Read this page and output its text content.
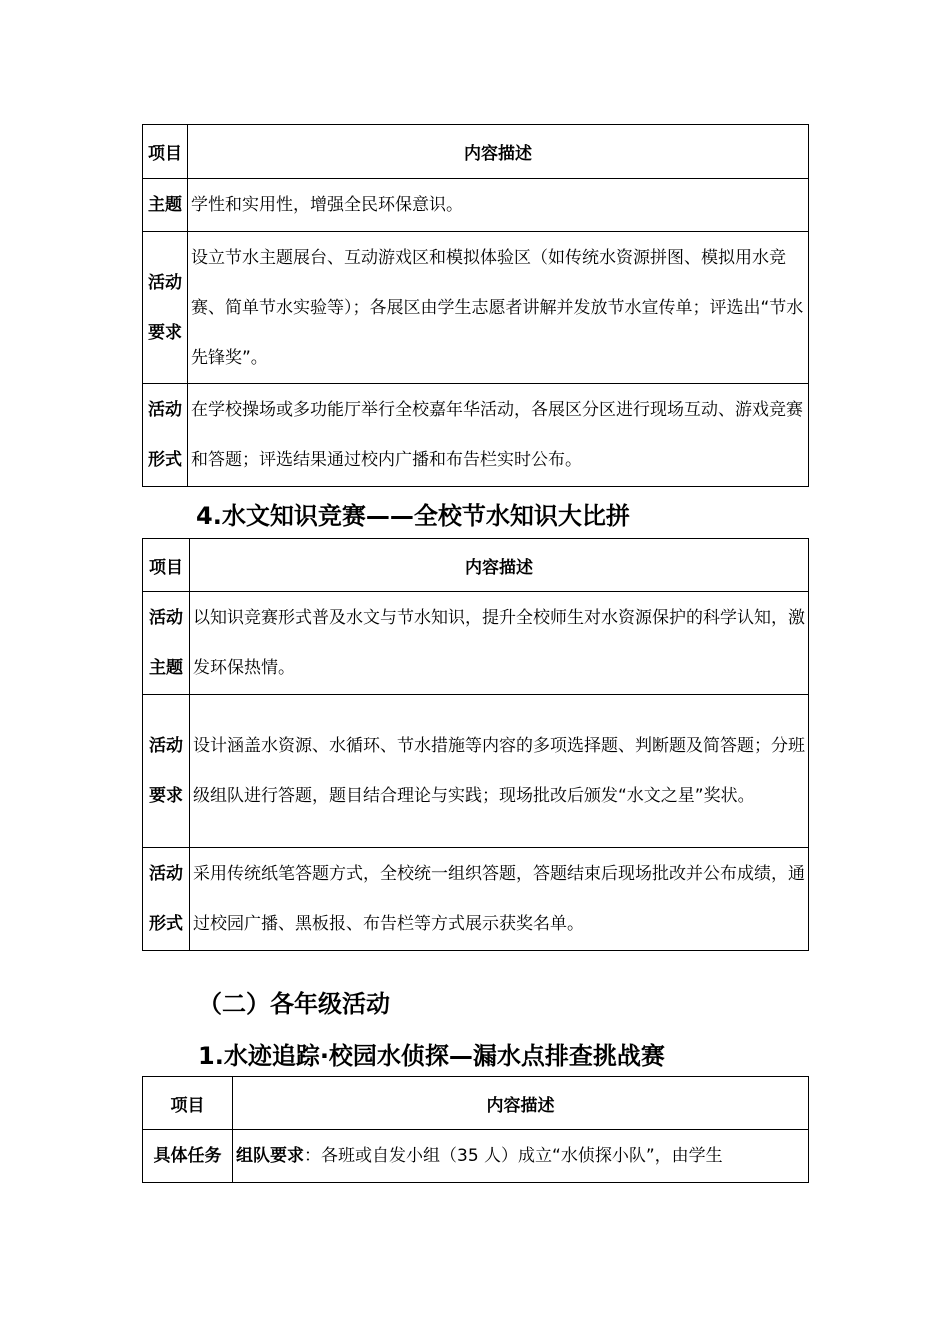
项目	内容描述
主题	学性和实用性，增强全民环保意识。

活动
要求	设立节水主题展台、互动游戏区和模拟体验区（如传统水资源拼图、模拟用水竞赛、简单节水实验等）；各展区由学生志愿者讲解并发放节水宣传单；评选出“节水先锋奖”。

活动
形式	在学校操场或多功能厅举行全校嘉年华活动，各展区分区进行现场互动、游戏竞赛和答题；评选结果通过校内广播和布告栏实时公布。
4.水文知识竞赛——全校节水知识大比拼
项目	内容描述

活动
主题	以知识竞赛形式普及水文与节水知识，提升全校师生对水资源保护的科学认知，激发环保热情。

活动
要求	设计涵盖水资源、水循环、节水措施等内容的多项选择题、判断题及简答题；分班级组队进行答题，题目结合理论与实践；现场批改后颁发“水文之星”奖状。

活动
形式	采用传统纸笔答题方式，全校统一组织答题，答题结束后现场批改并公布成绩，通过校园广播、黑板报、布告栏等方式展示获奖名单。
（二）各年级活动
1.水迹追踪·校园水侦探—漏水点排查挑战赛
项目	内容描述
具体任务	组队要求：各班或自发小组（35 人）成立“水侦探小队”，由学生
